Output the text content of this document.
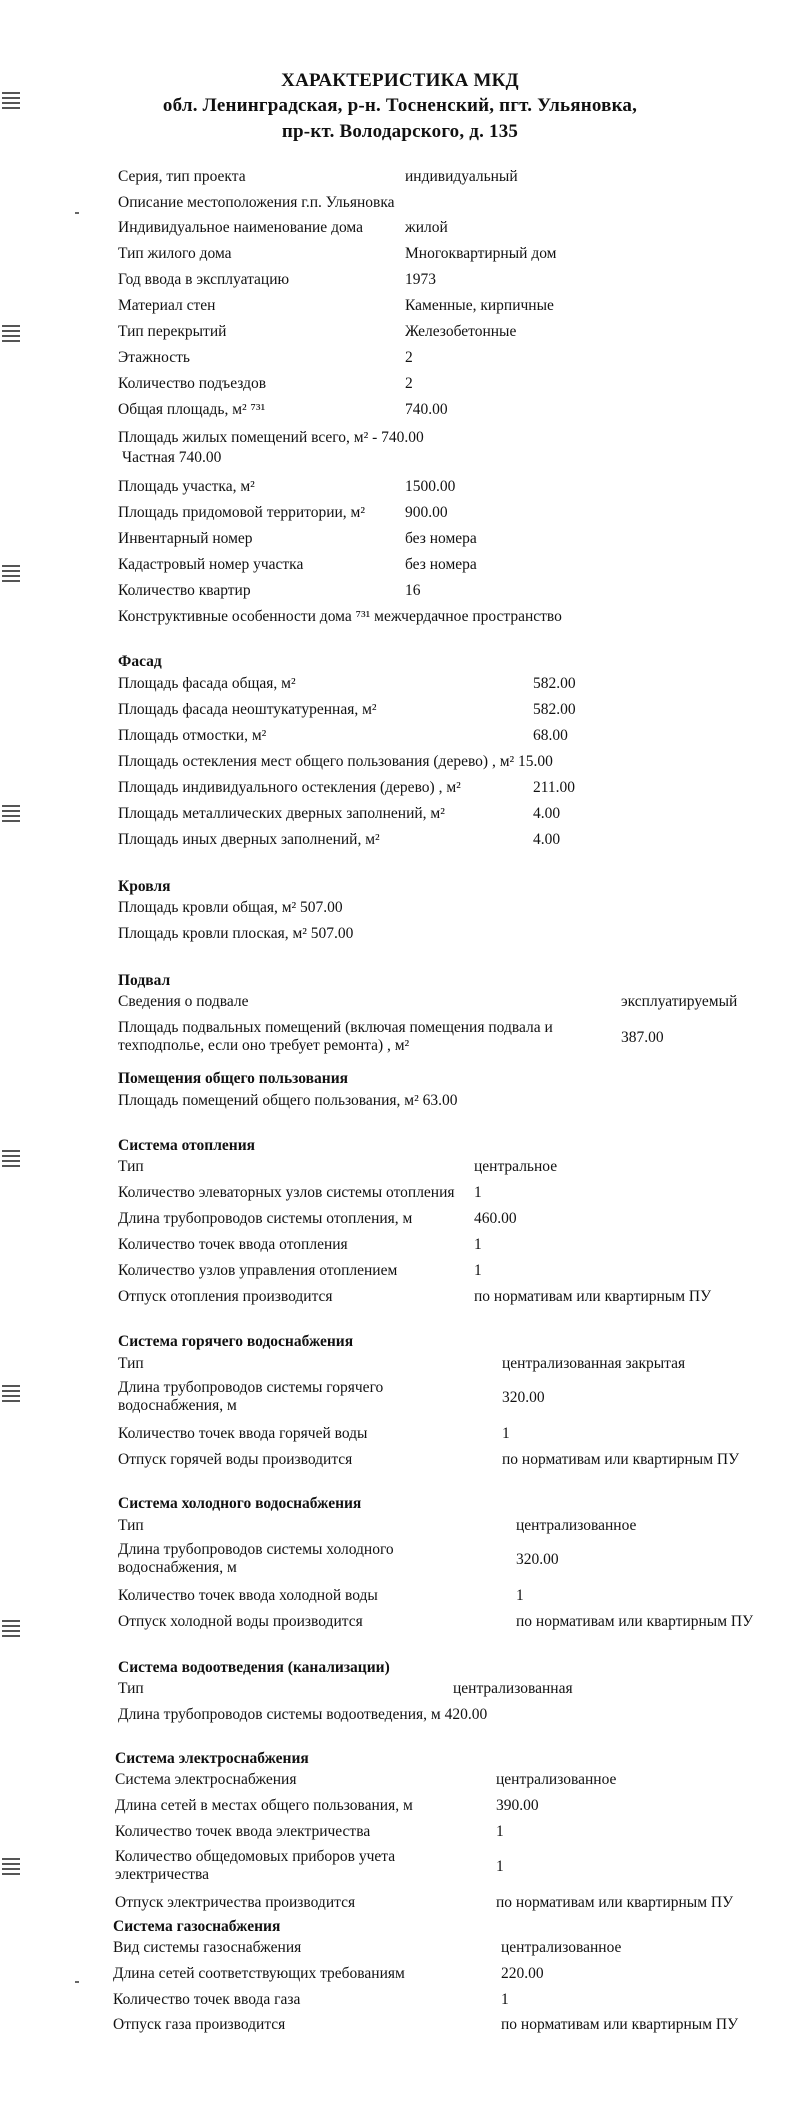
ХАРАКТЕРИСТИКА МКД
обл. Ленинградская, р-н. Тосненский, пгт. Ульяновка,
пр-кт. Володарского, д. 135
Серия, тип проекта	индивидуальный
Описание местоположения г.п. Ульяновка
Индивидуальное наименование дома	жилой
Тип жилого дома	Многоквартирный дом
Год ввода в эксплуатацию	1973
Материал стен	Каменные, кирпичные
Тип перекрытий	Железобетонные
Этажность	2
Количество подъездов	2
Общая площадь, м² ⁷³¹	740.00
Площадь жилых помещений всего, м² - 740.00
Частная 740.00
Площадь участка, м²	1500.00
Площадь придомовой территории, м²	900.00
Инвентарный номер	без номера
Кадастровый номер участка	без номера
Количество квартир	16
Конструктивные особенности дома ⁷³¹ межчердачное пространство
Фасад
Площадь фасада общая, м²	582.00
Площадь фасада неоштукатуренная, м²	582.00
Площадь отмостки, м²	68.00
Площадь остекления мест общего пользования (дерево) , м² 15.00
Площадь индивидуального остекления (дерево) , м²	211.00
Площадь металлических дверных заполнений, м²	4.00
Площадь иных дверных заполнений, м²	4.00
Кровля
Площадь кровли общая, м² 507.00
Площадь кровли плоская, м² 507.00
Подвал
Сведения о подвале	эксплуатируемый
Площадь подвальных помещений (включая помещения подвала и
техподполье, если оно требует ремонта) , м²	387.00
Помещения общего пользования
Площадь помещений общего пользования, м² 63.00
Система отопления
Тип	центральное
Количество элеваторных узлов системы отопления 1
Длина трубопроводов системы отопления, м	460.00
Количество точек ввода отопления	1
Количество узлов управления отоплением	1
Отпуск отопления производится	по нормативам или квартирным ПУ
Система горячего водоснабжения
Тип	централизованная закрытая
Длина трубопроводов системы горячего
водоснабжения, м	320.00
Количество точек ввода горячей воды	1
Отпуск горячей воды производится	по нормативам или квартирным ПУ
Система холодного водоснабжения
Тип	централизованное
Длина трубопроводов системы холодного
водоснабжения, м	320.00
Количество точек ввода холодной воды	1
Отпуск холодной воды производится	по нормативам или квартирным ПУ
Система водоотведения (канализации)
Тип	централизованная
Длина трубопроводов системы водоотведения, м 420.00
Система электроснабжения
Система электроснабжения	централизованное
Длина сетей в местах общего пользования, м	390.00
Количество точек ввода электричества	1
Количество общедомовых приборов учета
электричества	1
Отпуск электричества производится	по нормативам или квартирным ПУ
Система газоснабжения
Вид системы газоснабжения	централизованное
Длина сетей соответствующих требованиям	220.00
Количество точек ввода газа	1
Отпуск газа производится	по нормативам или квартирным ПУ
